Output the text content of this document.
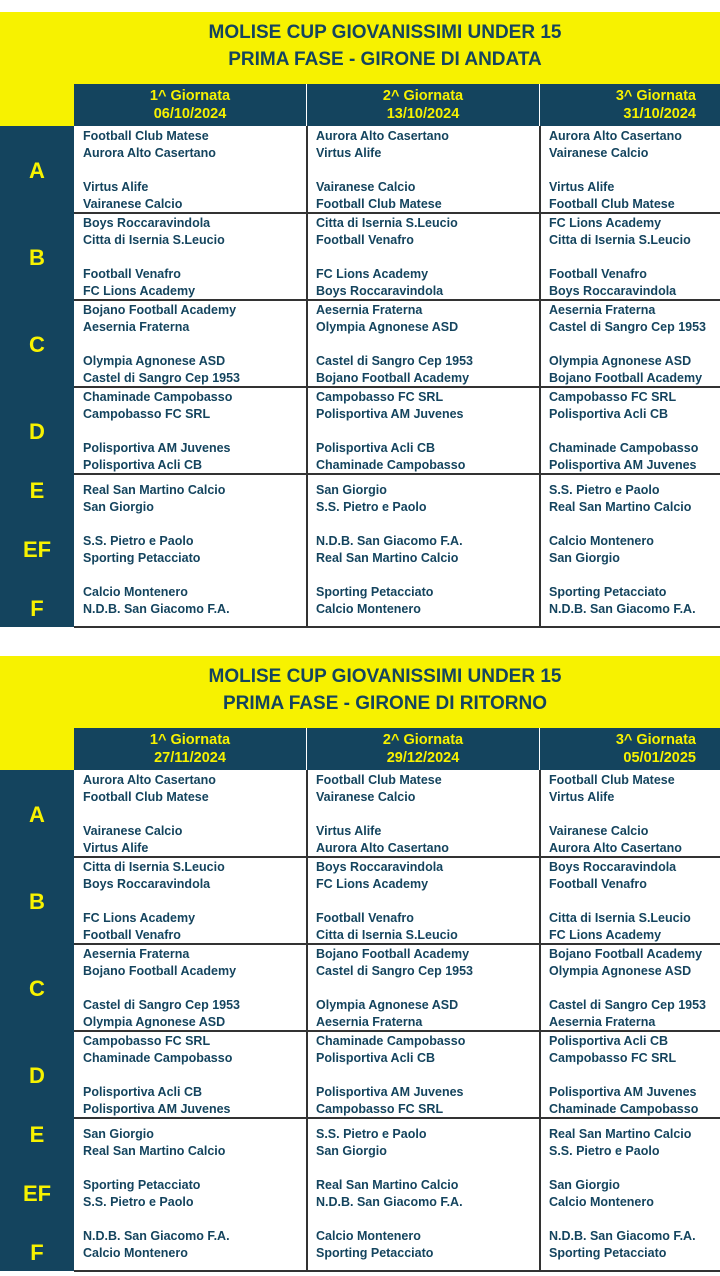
MOLISE CUP GIOVANISSIMI UNDER 15
PRIMA FASE - GIRONE DI ANDATA
1^ Giornata
06/10/2024
2^ Giornata
13/10/2024
3^ Giornata
31/10/2024
A
Football Club Matese
Aurora Alto Casertano
Virtus Alife
Vairanese Calcio
Aurora Alto Casertano
Virtus Alife
Vairanese Calcio
Football Club Matese
Aurora Alto Casertano
Vairanese Calcio
Virtus Alife
Football Club Matese
B
Boys Roccaravindola
Citta di Isernia S.Leucio
Football Venafro
FC Lions Academy
Citta di Isernia S.Leucio
Football Venafro
FC Lions Academy
Boys Roccaravindola
FC Lions Academy
Citta di Isernia S.Leucio
Football Venafro
Boys Roccaravindola
C
Bojano Football Academy
Aesernia Fraterna
Olympia Agnonese ASD
Castel di Sangro Cep 1953
Aesernia Fraterna
Olympia Agnonese ASD
Castel di Sangro Cep 1953
Bojano Football Academy
Aesernia Fraterna
Castel di Sangro Cep 1953
Olympia Agnonese ASD
Bojano Football Academy
D
Chaminade Campobasso
Campobasso FC SRL
Polisportiva AM Juvenes
Polisportiva Acli CB
Campobasso FC SRL
Polisportiva AM Juvenes
Polisportiva Acli CB
Chaminade Campobasso
Campobasso FC SRL
Polisportiva Acli CB
Chaminade Campobasso
Polisportiva AM Juvenes
E
EF
F
Real San Martino Calcio
San Giorgio
S.S. Pietro e Paolo
Sporting Petacciato
Calcio Montenero
N.D.B. San Giacomo F.A.
San Giorgio
S.S. Pietro e Paolo
N.D.B. San Giacomo F.A.
Real San Martino Calcio
Sporting Petacciato
Calcio Montenero
S.S. Pietro e Paolo
Real San Martino Calcio
Calcio Montenero
San Giorgio
Sporting Petacciato
N.D.B. San Giacomo F.A.
MOLISE CUP GIOVANISSIMI UNDER 15
PRIMA FASE - GIRONE DI RITORNO
1^ Giornata
27/11/2024
2^ Giornata
29/12/2024
3^ Giornata
05/01/2025
A
Aurora Alto Casertano
Football Club Matese
Vairanese Calcio
Virtus Alife
Football Club Matese
Vairanese Calcio
Virtus Alife
Aurora Alto Casertano
Football Club Matese
Virtus Alife
Vairanese Calcio
Aurora Alto Casertano
B
Citta di Isernia S.Leucio
Boys Roccaravindola
FC Lions Academy
Football Venafro
Boys Roccaravindola
FC Lions Academy
Football Venafro
Citta di Isernia S.Leucio
Boys Roccaravindola
Football Venafro
Citta di Isernia S.Leucio
FC Lions Academy
C
Aesernia Fraterna
Bojano Football Academy
Castel di Sangro Cep 1953
Olympia Agnonese ASD
Bojano Football Academy
Castel di Sangro Cep 1953
Olympia Agnonese ASD
Aesernia Fraterna
Bojano Football Academy
Olympia Agnonese ASD
Castel di Sangro Cep 1953
Aesernia Fraterna
D
Campobasso FC SRL
Chaminade Campobasso
Polisportiva Acli CB
Polisportiva AM Juvenes
Chaminade Campobasso
Polisportiva Acli CB
Polisportiva AM Juvenes
Campobasso FC SRL
Polisportiva Acli CB
Campobasso FC SRL
Polisportiva AM Juvenes
Chaminade Campobasso
E
EF
F
San Giorgio
Real San Martino Calcio
Sporting Petacciato
S.S. Pietro e Paolo
N.D.B. San Giacomo F.A.
Calcio Montenero
S.S. Pietro e Paolo
San Giorgio
Real San Martino Calcio
N.D.B. San Giacomo F.A.
Calcio Montenero
Sporting Petacciato
Real San Martino Calcio
S.S. Pietro e Paolo
San Giorgio
Calcio Montenero
N.D.B. San Giacomo F.A.
Sporting Petacciato
